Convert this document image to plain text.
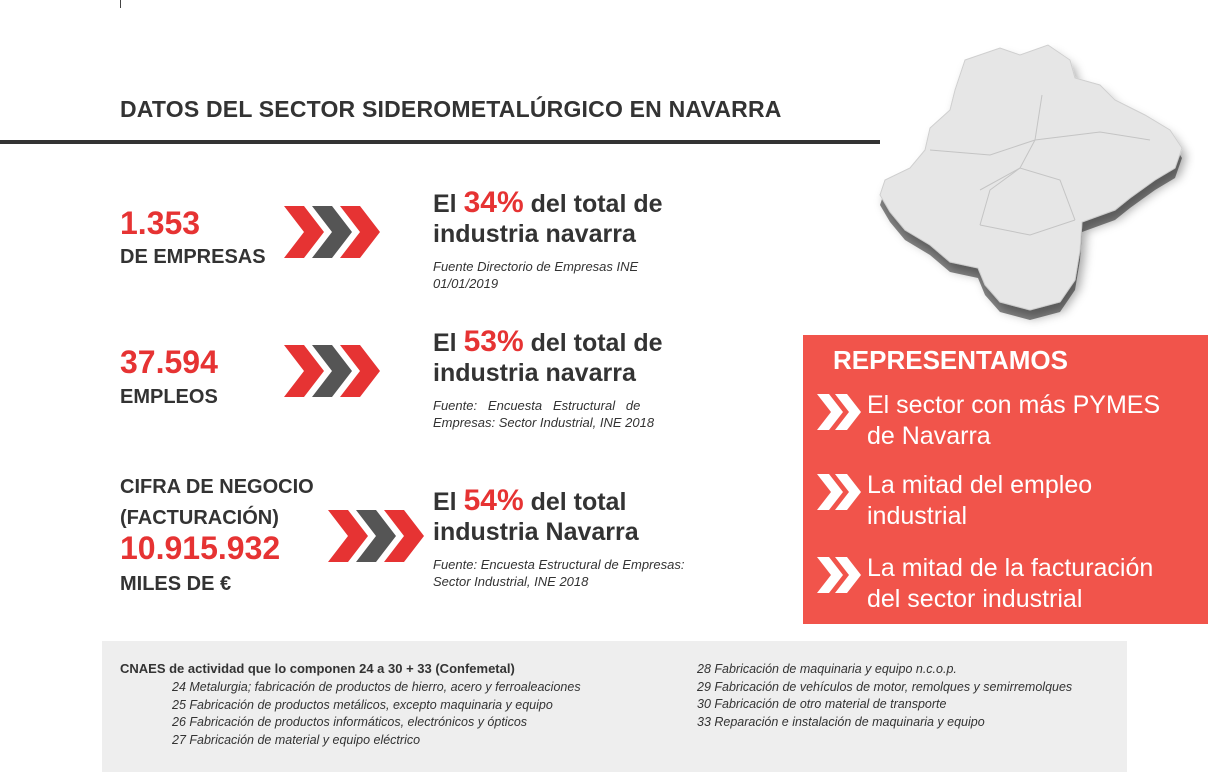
DATOS DEL SECTOR SIDEROMETALÚRGICO EN NAVARRA
1.353
DE EMPRESAS
El 34% del total de
industria navarra
Fuente Directorio de Empresas INE
01/01/2019
37.594
EMPLEOS
El 53% del total de
industria navarra
Fuente:   Encuesta   Estructural   de
Empresas: Sector Industrial, INE 2018
CIFRA DE NEGOCIO
(FACTURACIÓN)
10.915.932
MILES DE €
El 54% del total
industria Navarra
Fuente: Encuesta Estructural de Empresas:
Sector Industrial, INE 2018
REPRESENTAMOS
El sector con más PYMES
de Navarra
La mitad del empleo
industrial
La mitad de la facturación
del sector industrial
CNAES de actividad que lo componen 24 a 30 + 33 (Confemetal)
24 Metalurgia; fabricación de productos de hierro, acero y ferroaleaciones
25 Fabricación de productos metálicos, excepto maquinaria y equipo
26 Fabricación de productos informáticos, electrónicos y ópticos
27 Fabricación de material y equipo eléctrico
28 Fabricación de maquinaria y equipo n.c.o.p.
29 Fabricación de vehículos de motor, remolques y semirremolques
30 Fabricación de otro material de transporte
33 Reparación e instalación de maquinaria y equipo
